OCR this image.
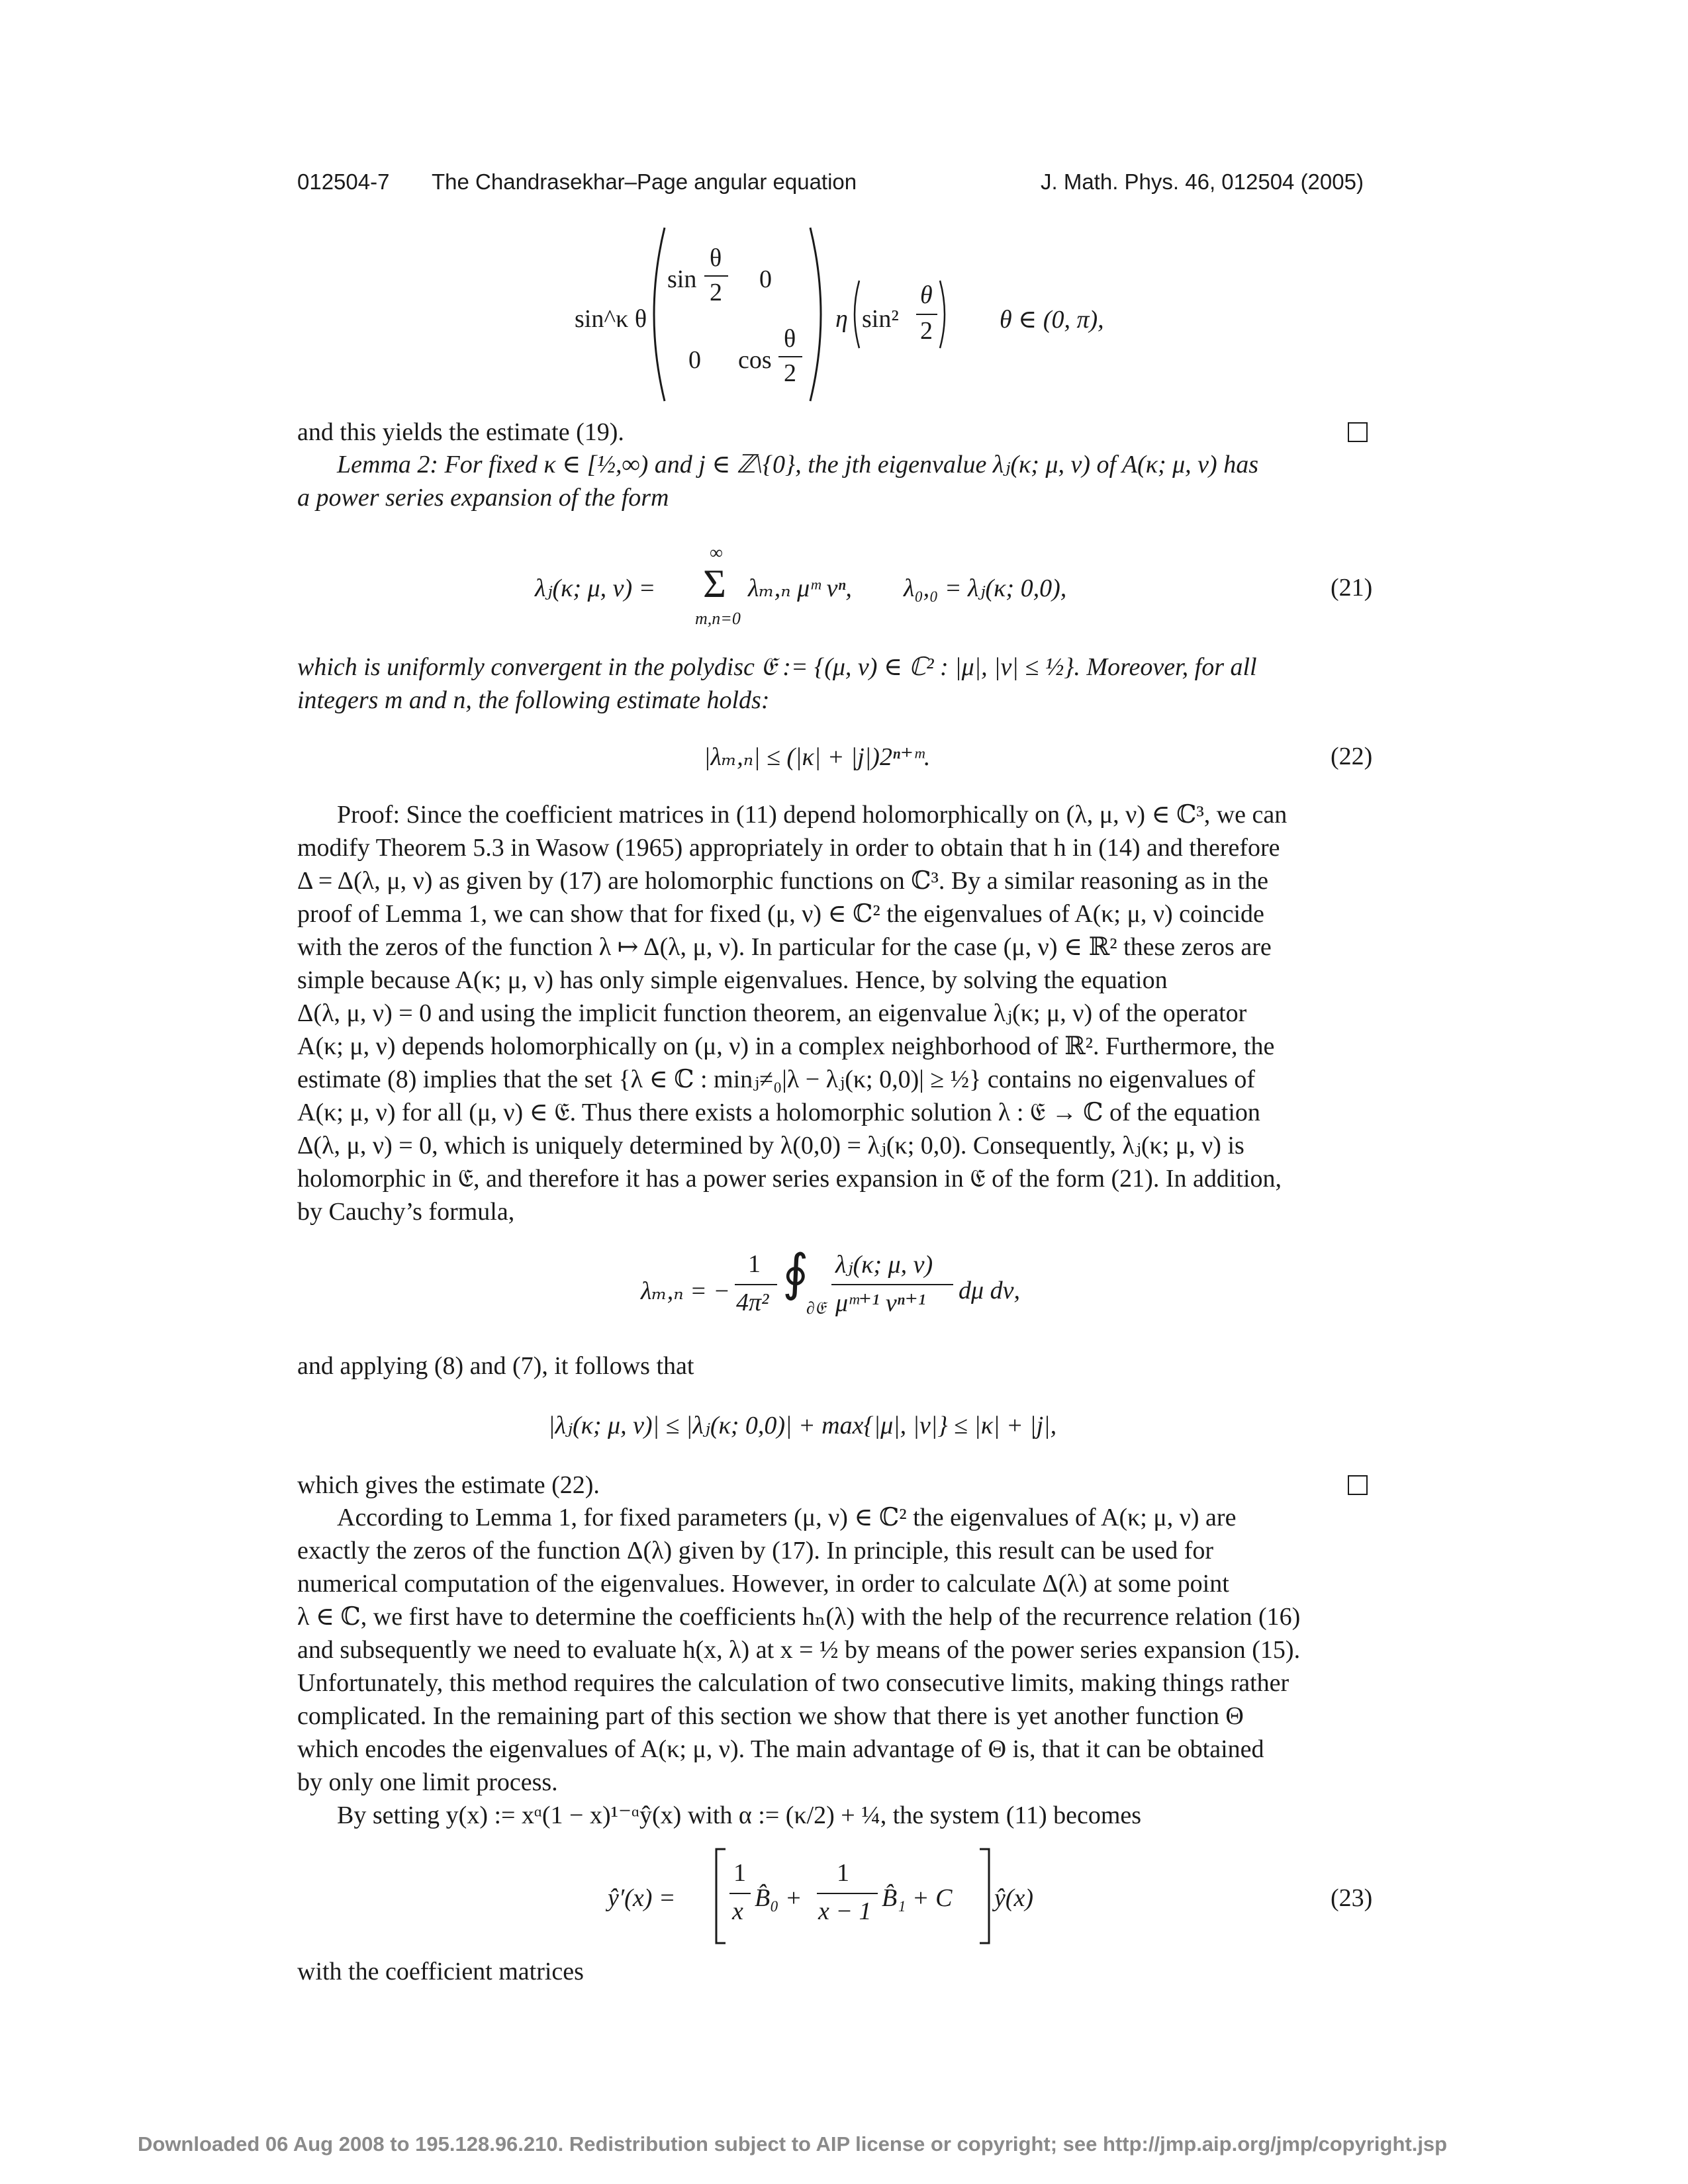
012504-7 The Chandrasekhar–Page angular equation	J. Math. Phys. 46, 012504 (2005)
sin^κ θ
sin
θ
2 0
0 cos
θ
2
η sin²
θ
2	θ ∈ (0, π),
and this yields the estimate (19).
Lemma 2: For fixed κ ∈ [½,∞) and j ∈ ℤ\{0}, the jth eigenvalue λⱼ(κ; μ, ν) of A(κ; μ, ν) has
a power series expansion of the form
λⱼ(κ; μ, ν) =
∞
Σ
m,n=0
λₘ,ₙ μᵐ νⁿ, λ₀,₀ = λⱼ(κ; 0,0),	(21)
which is uniformly convergent in the polydisc 𝔈 := {(μ, ν) ∈ ℂ² : |μ|, |ν| ≤ ½}. Moreover, for all
integers m and n, the following estimate holds:
|λₘ,ₙ| ≤ (|κ| + |j|)2ⁿ⁺ᵐ.	(22)
Proof: Since the coefficient matrices in (11) depend holomorphically on (λ, μ, ν) ∈ ℂ³, we can
modify Theorem 5.3 in Wasow (1965) appropriately in order to obtain that h in (14) and therefore
Δ = Δ(λ, μ, ν) as given by (17) are holomorphic functions on ℂ³. By a similar reasoning as in the
proof of Lemma 1, we can show that for fixed (μ, ν) ∈ ℂ² the eigenvalues of A(κ; μ, ν) coincide
with the zeros of the function λ ↦ Δ(λ, μ, ν). In particular for the case (μ, ν) ∈ ℝ² these zeros are
simple because A(κ; μ, ν) has only simple eigenvalues. Hence, by solving the equation
Δ(λ, μ, ν) = 0 and using the implicit function theorem, an eigenvalue λⱼ(κ; μ, ν) of the operator
A(κ; μ, ν) depends holomorphically on (μ, ν) in a complex neighborhood of ℝ². Furthermore, the
estimate (8) implies that the set {λ ∈ ℂ : minⱼ≠₀|λ − λⱼ(κ; 0,0)| ≥ ½} contains no eigenvalues of
A(κ; μ, ν) for all (μ, ν) ∈ 𝔈. Thus there exists a holomorphic solution λ : 𝔈 → ℂ of the equation
Δ(λ, μ, ν) = 0, which is uniquely determined by λ(0,0) = λⱼ(κ; 0,0). Consequently, λⱼ(κ; μ, ν) is
holomorphic in 𝔈, and therefore it has a power series expansion in 𝔈 of the form (21). In addition,
by Cauchy’s formula,
λₘ,ₙ = −
1
4π²
∮
∂𝔈
λⱼ(κ; μ, ν)
μᵐ⁺¹ νⁿ⁺¹ dμ dν,
and applying (8) and (7), it follows that
|λⱼ(κ; μ, ν)| ≤ |λⱼ(κ; 0,0)| + max{|μ|, |ν|} ≤ |κ| + |j|,
which gives the estimate (22).
According to Lemma 1, for fixed parameters (μ, ν) ∈ ℂ² the eigenvalues of A(κ; μ, ν) are
exactly the zeros of the function Δ(λ) given by (17). In principle, this result can be used for
numerical computation of the eigenvalues. However, in order to calculate Δ(λ) at some point
λ ∈ ℂ, we first have to determine the coefficients hₙ(λ) with the help of the recurrence relation (16)
and subsequently we need to evaluate h(x, λ) at x = ½ by means of the power series expansion (15).
Unfortunately, this method requires the calculation of two consecutive limits, making things rather
complicated. In the remaining part of this section we show that there is yet another function Θ
which encodes the eigenvalues of A(κ; μ, ν). The main advantage of Θ is, that it can be obtained
by only one limit process.
By setting y(x) := xᵅ(1 − x)¹⁻ᵅŷ(x) with α := (κ/2) + ¼, the system (11) becomes
ŷ′(x) =
1
x B̂₀ +
1
x − 1 B̂₁ + C ŷ(x)	(23)
with the coefficient matrices
Downloaded 06 Aug 2008 to 195.128.96.210. Redistribution subject to AIP license or copyright; see http://jmp.aip.org/jmp/copyright.jsp
